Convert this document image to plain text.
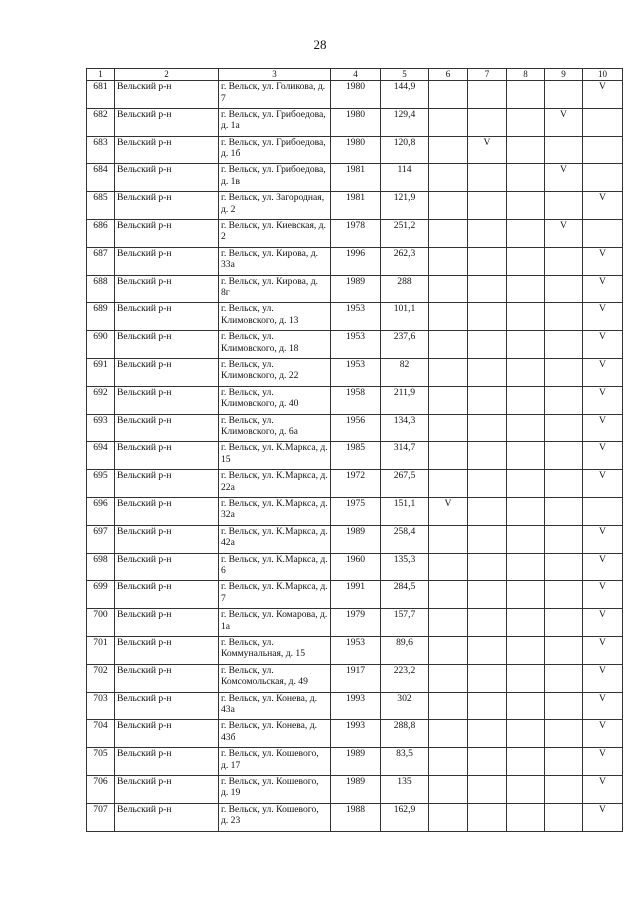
28
1	2	3	4	5	6	7	8	9	10
681	Вельский р-н	г. Вельск, ул. Голикова, д. 7	1980	144,9					V
682	Вельский р-н	г. Вельск, ул. Грибоедова, д. 1а	1980	129,4				V	
683	Вельский р-н	г. Вельск, ул. Грибоедова, д. 1б	1980	120,8		V			
684	Вельский р-н	г. Вельск, ул. Грибоедова, д. 1в	1981	114				V	
685	Вельский р-н	г. Вельск, ул. Загородная, д. 2	1981	121,9					V
686	Вельский р-н	г. Вельск, ул. Киевская, д. 2	1978	251,2				V	
687	Вельский р-н	г. Вельск, ул. Кирова, д. 33а	1996	262,3					V
688	Вельский р-н	г. Вельск, ул. Кирова, д. 8г	1989	288					V
689	Вельский р-н	г. Вельск, ул. Климовского, д. 13	1953	101,1					V
690	Вельский р-н	г. Вельск, ул. Климовского, д. 18	1953	237,6					V
691	Вельский р-н	г. Вельск, ул. Климовского, д. 22	1953	82					V
692	Вельский р-н	г. Вельск, ул. Климовского, д. 40	1958	211,9					V
693	Вельский р-н	г. Вельск, ул. Климовского, д. 6а	1956	134,3					V
694	Вельский р-н	г. Вельск, ул. К.Маркса, д. 15	1985	314,7					V
695	Вельский р-н	г. Вельск, ул. К.Маркса, д. 22а	1972	267,5					V
696	Вельский р-н	г. Вельск, ул. К.Маркса, д. 32а	1975	151,1	V				
697	Вельский р-н	г. Вельск, ул. К.Маркса, д. 42а	1989	258,4					V
698	Вельский р-н	г. Вельск, ул. К.Маркса, д. 6	1960	135,3					V
699	Вельский р-н	г. Вельск, ул. К.Маркса, д. 7	1991	284,5					V
700	Вельский р-н	г. Вельск, ул. Комарова, д. 1а	1979	157,7					V
701	Вельский р-н	г. Вельск, ул. Коммунальная, д. 15	1953	89,6					V
702	Вельский р-н	г. Вельск, ул. Комсомольская, д. 49	1917	223,2					V
703	Вельский р-н	г. Вельск, ул. Конева, д. 43а	1993	302					V
704	Вельский р-н	г. Вельск, ул. Конева, д. 43б	1993	288,8					V
705	Вельский р-н	г. Вельск, ул. Кошевого, д. 17	1989	83,5					V
706	Вельский р-н	г. Вельск, ул. Кошевого, д. 19	1989	135					V
707	Вельский р-н	г. Вельск, ул. Кошевого, д. 23	1988	162,9					V
